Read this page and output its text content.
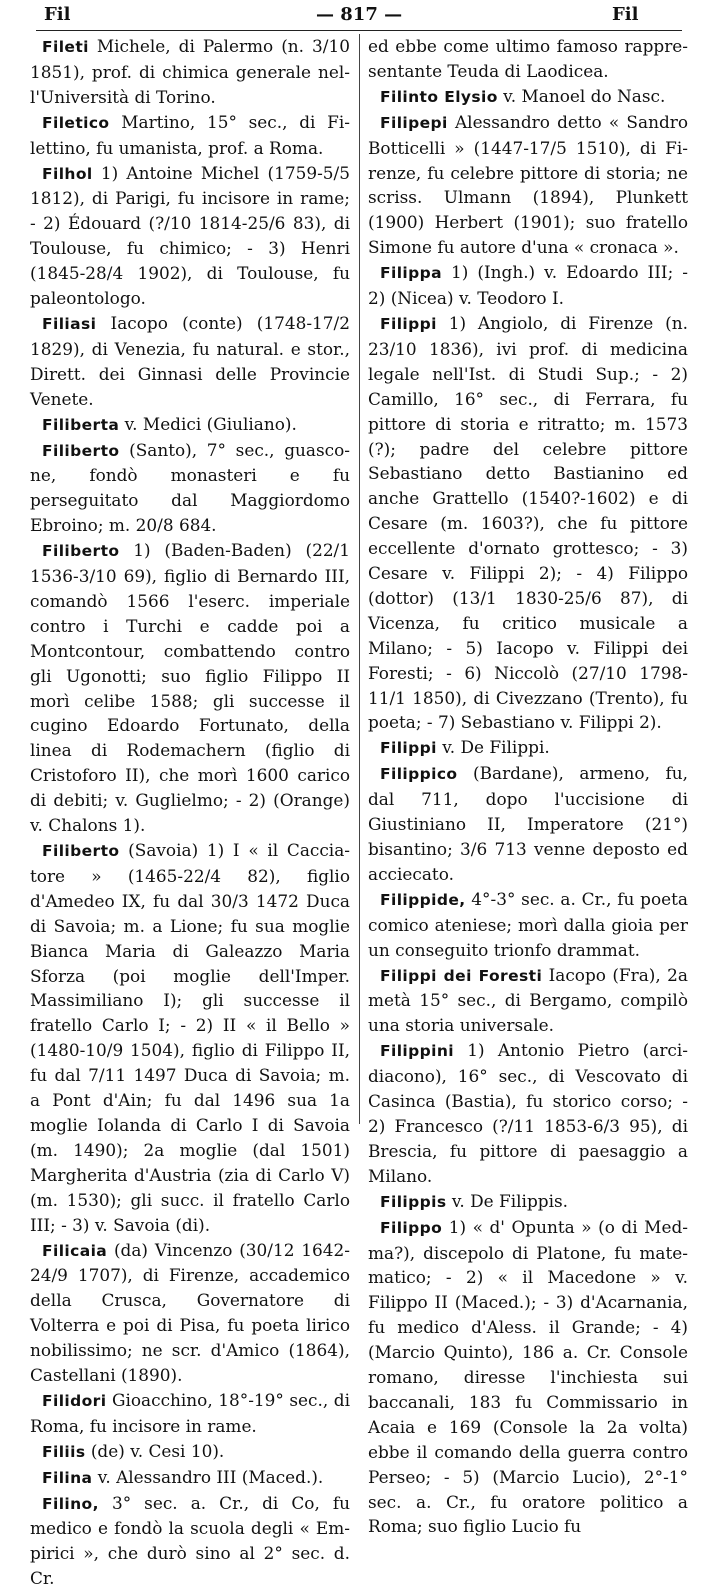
Fil	— 817 —	Fil

Fileti Michele, di Palermo (n. 3/10 1851), prof. di chimica generale nell'Università di Torino.

Filetico Martino, 15° sec., di Filettino, fu umanista, prof. a Roma.

Filhol 1) Antoine Michel (1759-5/5 1812), di Parigi, fu incisore in rame; - 2) Édouard (?/10 1814-25/6 83), di Toulouse, fu chimico; - 3) Henri (1845-28/4 1902), di Toulouse, fu paleontologo.

Filiasi Iacopo (conte) (1748-17/2 1829), di Venezia, fu natural. e stor., Dirett. dei Ginnasi delle Provincie Venete.

Filiberta v. Medici (Giuliano).

Filiberto (Santo), 7° sec., guascone, fondò monasteri e fu perseguitato dal Maggiordomo Ebroino; m. 20/8 684.

Filiberto 1) (Baden-Baden) (22/1 1536-3/10 69), figlio di Bernardo III, comandò 1566 l'eserc. imperiale contro i Turchi e cadde poi a Montcontour, combattendo contro gli Ugonotti; suo figlio Filippo II morì celibe 1588; gli successe il cugino Edoardo Fortunato, della linea di Rodemachern (figlio di Cristoforo II), che morì 1600 carico di debiti; v. Guglielmo; - 2) (Orange) v. Chalons 1).

Filiberto (Savoia) 1) I « il Cacciatore » (1465-22/4 82), figlio d'Amedeo IX, fu dal 30/3 1472 Duca di Savoia; m. a Lione; fu sua moglie Bianca Maria di Galeazzo Maria Sforza (poi moglie dell'Imper. Massimiliano I); gli successe il fratello Carlo I; - 2) II « il Bello » (1480-10/9 1504), figlio di Filippo II, fu dal 7/11 1497 Duca di Savoia; m. a Pont d'Ain; fu dal 1496 sua 1a moglie Iolanda di Carlo I di Savoia (m. 1490); 2a moglie (dal 1501) Margherita d'Austria (zia di Carlo V) (m. 1530); gli succ. il fratello Carlo III; - 3) v. Savoia (di).

Filicaia (da) Vincenzo (30/12 1642-24/9 1707), di Firenze, accademico della Crusca, Governatore di Volterra e poi di Pisa, fu poeta lirico nobilissimo; ne scr. d'Amico (1864), Castellani (1890).

Filidori Gioacchino, 18°-19° sec., di Roma, fu incisore in rame.

Filiis (de) v. Cesi 10).

Filina v. Alessandro III (Maced.).

Filino, 3° sec. a. Cr., di Co, fu medico e fondò la scuola degli « Empirici », che durò sino al 2° sec. d. Cr.

ed ebbe come ultimo famoso rappresentante Teuda di Laodicea.

Filinto Elysio v. Manoel do Nasc.

Filipepi Alessandro detto « Sandro Botticelli » (1447-17/5 1510), di Firenze, fu celebre pittore di storia; ne scriss. Ulmann (1894), Plunkett (1900) Herbert (1901); suo fratello Simone fu autore d'una « cronaca ».

Filippa 1) (Ingh.) v. Edoardo III; - 2) (Nicea) v. Teodoro I.

Filippi 1) Angiolo, di Firenze (n. 23/10 1836), ivi prof. di medicina legale nell'Ist. di Studi Sup.; - 2) Camillo, 16° sec., di Ferrara, fu pittore di storia e ritratto; m. 1573 (?); padre del celebre pittore Sebastiano detto Bastianino ed anche Grattello (1540?-1602) e di Cesare (m. 1603?), che fu pittore eccellente d'ornato grottesco; - 3) Cesare v. Filippi 2); - 4) Filippo (dottor) (13/1 1830-25/6 87), di Vicenza, fu critico musicale a Milano; - 5) Iacopo v. Filippi dei Foresti; - 6) Niccolò (27/10 1798-11/1 1850), di Civezzano (Trento), fu poeta; - 7) Sebastiano v. Filippi 2).

Filippi v. De Filippi.

Filippico (Bardane), armeno, fu, dal 711, dopo l'uccisione di Giustiniano II, Imperatore (21°) bisantino; 3/6 713 venne deposto ed acciecato.

Filippide, 4°-3° sec. a. Cr., fu poeta comico ateniese; morì dalla gioia per un conseguito trionfo drammat.

Filippi dei Foresti Iacopo (Fra), 2a metà 15° sec., di Bergamo, compilò una storia universale.

Filippini 1) Antonio Pietro (arcidiacono), 16° sec., di Vescovato di Casinca (Bastia), fu storico corso; - 2) Francesco (?/11 1853-6/3 95), di Brescia, fu pittore di paesaggio a Milano.

Filippis v. De Filippis.

Filippo 1) « d' Opunta » (o di Medma?), discepolo di Platone, fu matematico; - 2) « il Macedone » v. Filippo II (Maced.); - 3) d'Acarnania, fu medico d'Aless. il Grande; - 4) (Marcio Quinto), 186 a. Cr. Console romano, diresse l'inchiesta sui baccanali, 183 fu Commissario in Acaia e 169 (Console la 2a volta) ebbe il comando della guerra contro Perseo; - 5) (Marcio Lucio), 2°-1° sec. a. Cr., fu oratore politico a Roma; suo figlio Lucio fu
